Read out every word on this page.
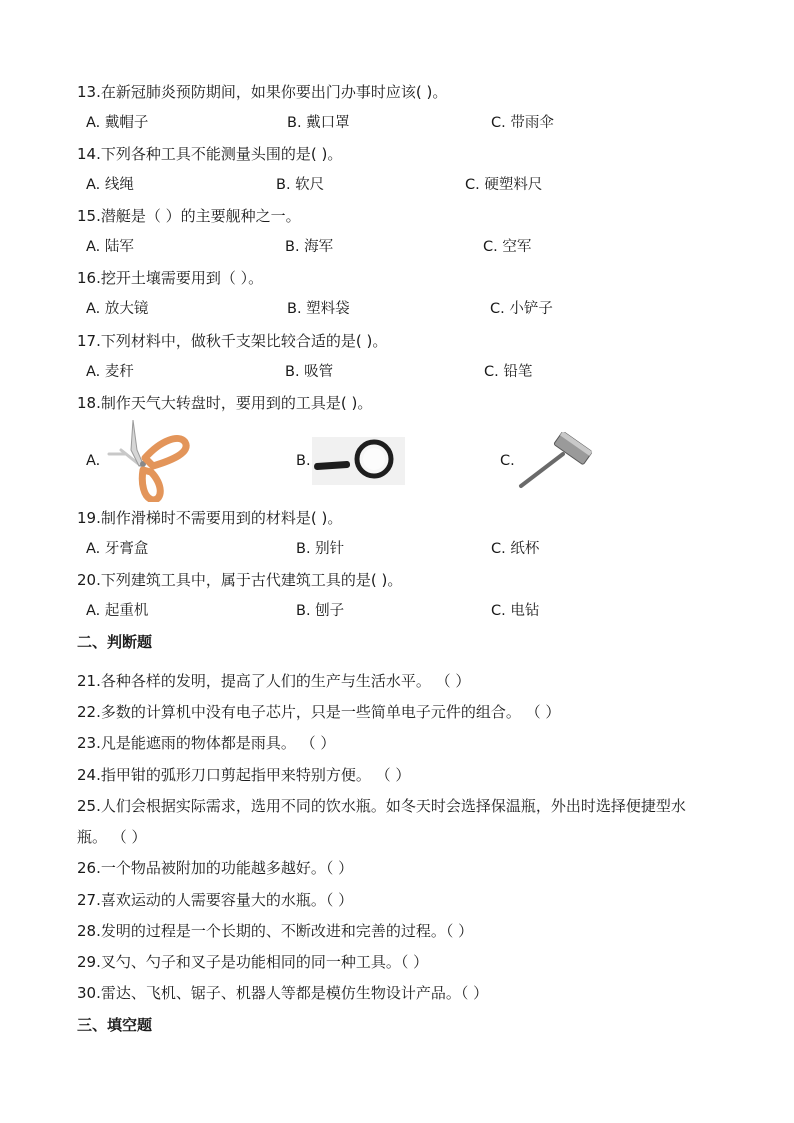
13.在新冠肺炎预防期间，如果你要出门办事时应该( )。
A. 戴帽子	B. 戴口罩	C. 带雨伞
14.下列各种工具不能测量头围的是( )。
A. 线绳	B. 软尺	C. 硬塑料尺
15.潜艇是（ ）的主要舰种之一。
A. 陆军	B. 海军	C. 空军
16.挖开土壤需要用到（ ）。
A. 放大镜	B. 塑料袋	C. 小铲子
17.下列材料中，做秋千支架比较合适的是( )。
A. 麦秆	B. 吸管	C. 铅笔
18.制作天气大转盘时，要用到的工具是( )。
A.	B.	C.
19.制作滑梯时不需要用到的材料是( )。
A. 牙膏盒	B. 别针	C. 纸杯
20.下列建筑工具中，属于古代建筑工具的是( )。
A. 起重机	B. 刨子	C. 电钻
二、判断题
21.各种各样的发明，提高了人们的生产与生活水平。 （ ）
22.多数的计算机中没有电子芯片，只是一些简单电子元件的组合。 （ ）
23.凡是能遮雨的物体都是雨具。 （ ）
24.指甲钳的弧形刀口剪起指甲来特别方便。 （ ）
25.人们会根据实际需求，选用不同的饮水瓶。如冬天时会选择保温瓶，外出时选择便捷型水
瓶。 （ ）
26.一个物品被附加的功能越多越好。（ ）
27.喜欢运动的人需要容量大的水瓶。（ ）
28.发明的过程是一个长期的、不断改进和完善的过程。（ ）
29.叉勺、勺子和叉子是功能相同的同一种工具。（ ）
30.雷达、飞机、锯子、机器人等都是模仿生物设计产品。（ ）
三、填空题
